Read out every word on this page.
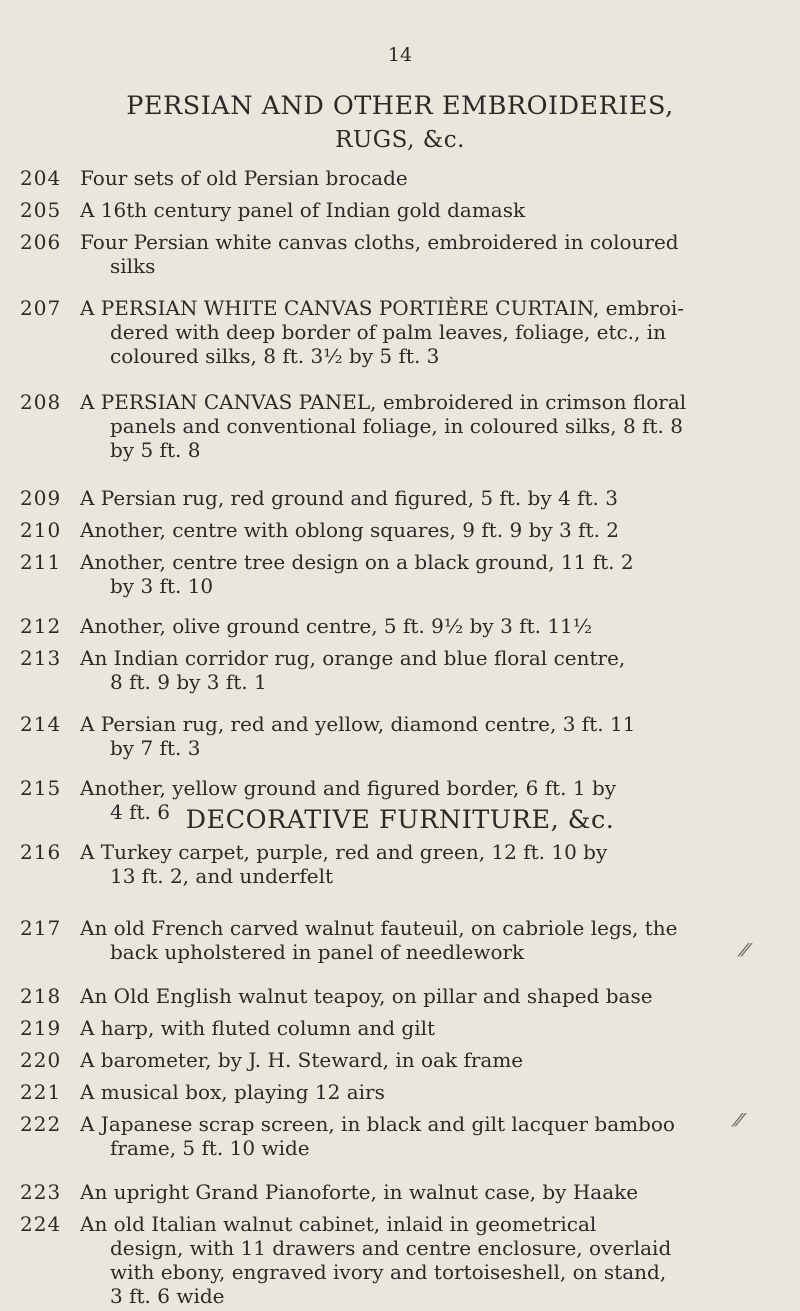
14
PERSIAN AND OTHER EMBROIDERIES,
RUGS, &c.
DECORATIVE FURNITURE, &c.
204 Four sets of old Persian brocade
205 A 16th century panel of Indian gold damask
206 Four Persian white canvas cloths, embroidered in coloured
silks
207 A PERSIAN WHITE CANVAS PORTIÈRE CURTAIN, embroi-
dered with deep border of palm leaves, foliage, etc., in
coloured silks, 8 ft. 3½ by 5 ft. 3
208 A PERSIAN CANVAS PANEL, embroidered in crimson floral
panels and conventional foliage, in coloured silks, 8 ft. 8
by 5 ft. 8
209 A Persian rug, red ground and figured, 5 ft. by 4 ft. 3
210 Another, centre with oblong squares, 9 ft. 9 by 3 ft. 2
211 Another, centre tree design on a black ground, 11 ft. 2
by 3 ft. 10
212 Another, olive ground centre, 5 ft. 9½ by 3 ft. 11½
213 An Indian corridor rug, orange and blue floral centre,
8 ft. 9 by 3 ft. 1
214 A Persian rug, red and yellow, diamond centre, 3 ft. 11
by 7 ft. 3
215 Another, yellow ground and figured border, 6 ft. 1 by
4 ft. 6
216 A Turkey carpet, purple, red and green, 12 ft. 10 by
13 ft. 2, and underfelt
217 An old French carved walnut fauteuil, on cabriole legs, the
back upholstered in panel of needlework
218 An Old English walnut teapoy, on pillar and shaped base
219 A harp, with fluted column and gilt
220 A barometer, by J. H. Steward, in oak frame
221 A musical box, playing 12 airs
222 A Japanese scrap screen, in black and gilt lacquer bamboo
frame, 5 ft. 10 wide
223 An upright Grand Pianoforte, in walnut case, by Haake
224 An old Italian walnut cabinet, inlaid in geometrical
design, with 11 drawers and centre enclosure, overlaid
with ebony, engraved ivory and tortoiseshell, on stand,
3 ft. 6 wide
⁄⁄
⁄⁄
